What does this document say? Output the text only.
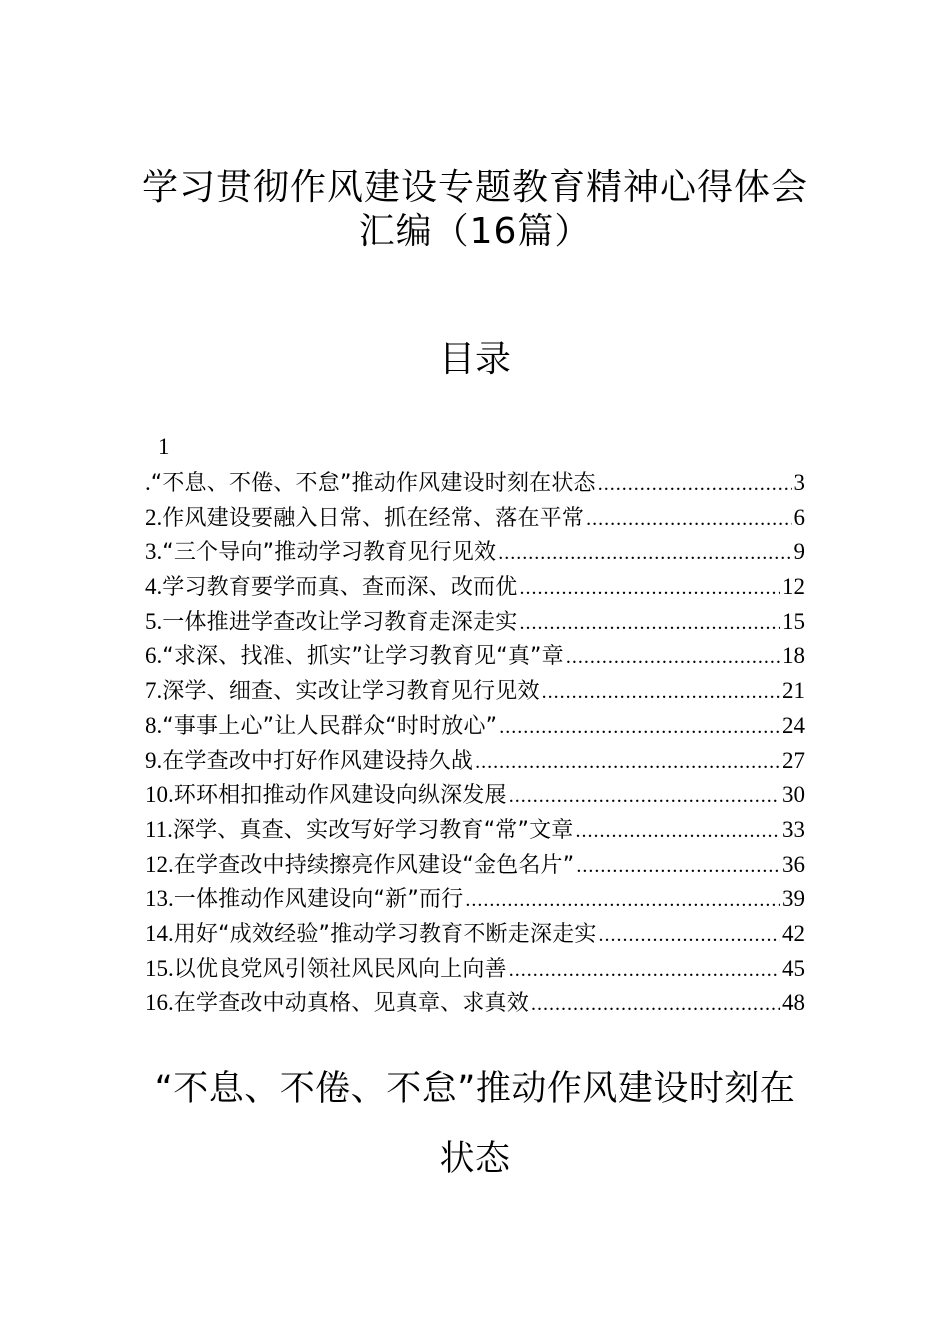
学习贯彻作风建设专题教育精神心得体会
汇编（16篇）
目录
1
. “不息、不倦、不怠”推动作风建设时刻在状态 .....	3
2. 作风建设要融入日常、抓在经常、落在平常 .....	6
3. “三个导向”推动学习教育见行见效 .....	9
4. 学习教育要学而真、查而深、改而优 .....	12
5. 一体推进学查改让学习教育走深走实 .....	15
6. “求深、找准、抓实”让学习教育见“真”章 .....	18
7. 深学、细查、实改让学习教育见行见效 .....	21
8. “事事上心”让人民群众“时时放心” .....	24
9. 在学查改中打好作风建设持久战 .....	27
10. 环环相扣推动作风建设向纵深发展 .....	30
11. 深学、真查、实改写好学习教育“常”文章 .....	33
12. 在学查改中持续擦亮作风建设“金色名片” .....	36
13. 一体推动作风建设向“新”而行 .....	39
14. 用好“成效经验”推动学习教育不断走深走实 .....	42
15. 以优良党风引领社风民风向上向善 .....	45
16. 在学查改中动真格、见真章、求真效 .....	48
“不息、不倦、不怠”推动作风建设时刻在
状态
